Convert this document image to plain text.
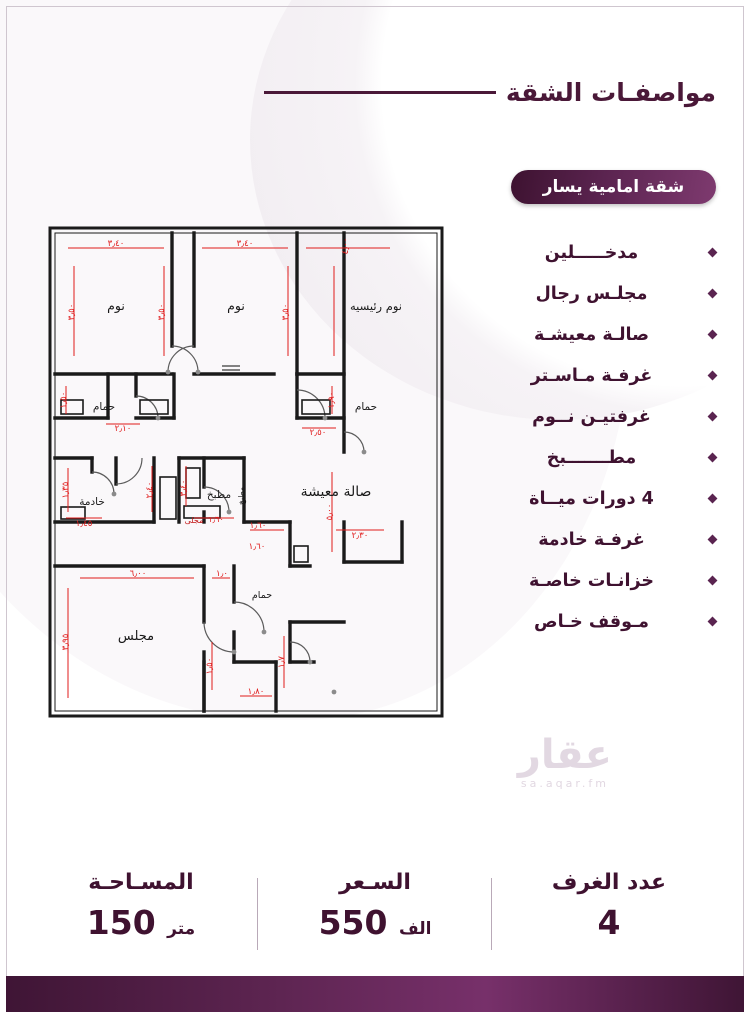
مواصفـات الشقة
شقة امامية يسار
مدخـــــلين
مجلـس رجال
صالـة معيشـة
غرفـة مـاسـتر
غرفتيـن نــوم
مطـــــــبخ
4 دورات ميــاة
غرفـة خادمة
خزانـات خاصـة
مـوقف خـاص
عقار
sa.aqar.fm
نوم	نوم	نوم رئيسيه
حمام	حمام
خادمة
مطبخ
مجلى
صالة معيشة
مجلس
حمام
مطبخ
٣٫٤٠	٣٫٤٠	٤٫٠٠
٣٫٥٠	٣٫٥٠	٣٫٥٠
١٫٥٠
٢٫١٠
١٫٩٠
٢٫٥٠
١٫٣٥
١٫٤٥
٢٫٤٠	٣٫٤٠
١٫٦٠
٥٫٠٠
٢٫٣٠
١٫٦٠
٦٫٠٠
٣٫٩٥
١٫٠
١٫٧
١٫٥٠
١٫٨٠
١٫٦٠
عدد الغرف
4
السـعر
الف 550
المسـاحـة
متر 150
